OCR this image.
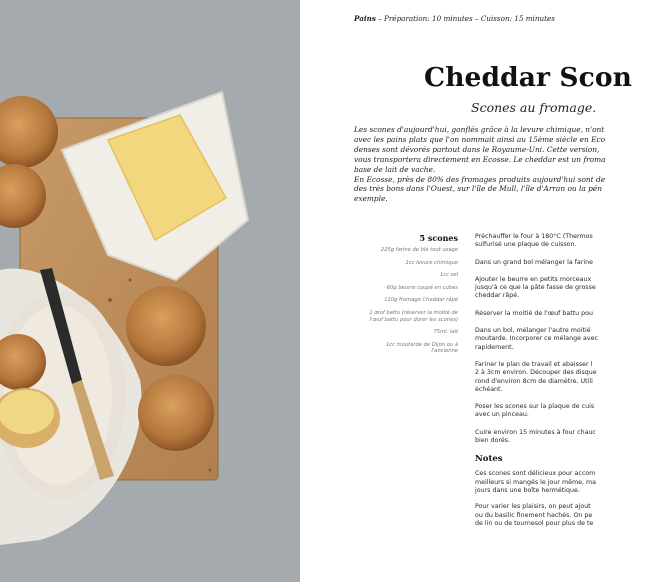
Pains – Préparation: 10 minutes – Cuisson: 15 minutes
Cheddar Scon
Scones au fromage.

Les scones d'aujourd'hui, gonflés grâce à la levure chimique, n'ont

avec les pains plats que l'on nommait ainsi au 15ème siècle en Eco

denses sont dévorés partout dans le Royaume-Uni. Cette version,

vous transportera directement en Ecosse. Le cheddar est un froma

base de lait de vache.

En Ecosse, près de 80% des fromages produits aujourd'hui sont de

des très bons dans l'Ouest, sur l'île de Mull, l'île d'Arran ou la pén

exemple.

5 scones
225g farine de blé tout usage
1cc levure chimique
1cc sel
60g beurre coupé en cubes
110g fromage Cheddar râpé
1 œuf battu (réserver la moitié de
l'œuf battu pour dorer les scones)
75ml. lait
1cc moutarde de Dijon ou à
l'ancienne
Préchauffer le four à 180°C (Thermos
sulfurisé une plaque de cuisson.
Dans un grand bol mélanger la farine
Ajouter le beurre en petits morceaux
jusqu'à ce que la pâte fasse de grosse
cheddar râpé.
Réserver la moitié de l'œuf battu pou
Dans un bol, mélanger l'autre moitié
moutarde. Incorporer ce mélange avec
rapidement.
Fariner le plan de travail et abaisser l
2 à 3cm environ. Découper des disque
rond d'environ 8cm de diamètre. Utili
échéant.
Poser les scones sur la plaque de cuis
avec un pinceau.
Cuire environ 15 minutes à four chauc
bien dorés.
Notes
Ces scones sont délicieux pour accom
meilleurs si mangés le jour même, ma
jours dans une boîte hermétique.
Pour varier les plaisirs, on peut ajout
ou du basilic finement hachés. On pe
de lin ou de tournesol pour plus de te
